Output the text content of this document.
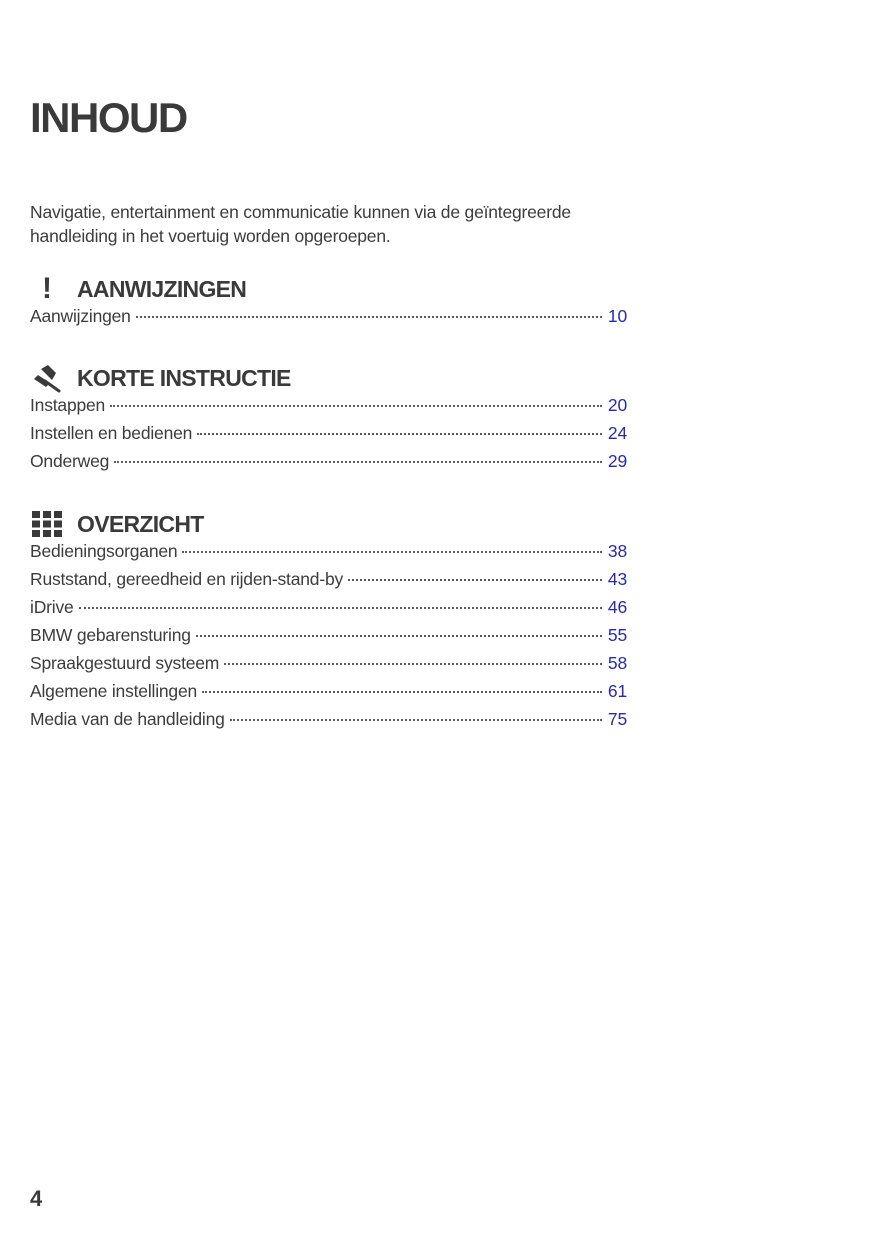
INHOUD

Navigatie, entertainment en communicatie kunnen via de geïntegreerde handleiding in het voertuig worden opgeroepen.

! AANWIJZINGEN
Aanwijzingen	10
KORTE INSTRUCTIE
Instappen	20
Instellen en bedienen	24
Onderweg	29
OVERZICHT
Bedieningsorganen	38
Ruststand, gereedheid en rijden-stand-by	43
iDrive	46
BMW gebarensturing	55
Spraakgestuurd systeem	58
Algemene instellingen	61
Media van de handleiding	75

4
